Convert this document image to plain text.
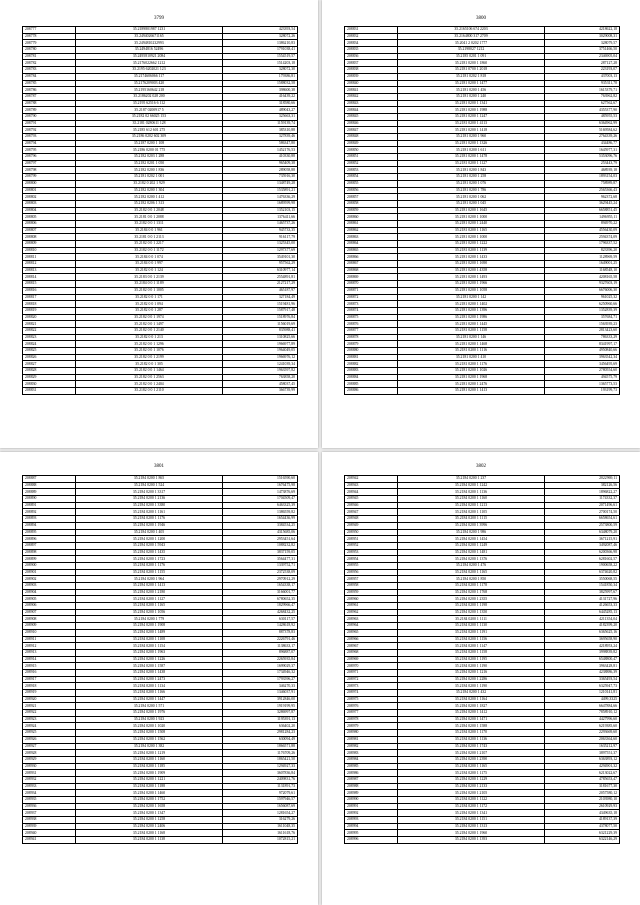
3799
208777	35.2189801987 1231	423393,54
208778	35.2494026671165	328072,26
208779	35.2494810232993	1386210,83
208780	35.2494816 52496	1791038,41
208781	35.2495810921 2084	1554519,57
208782	35.2176022662 1212	1514203,18
208783	35.2195 6202021 123	328072,30
208784	35.2174606066 117	179386,81
208785	35.2176209003 420	1588032,58
208786	35.2195160642 218	398600,38
208787	35.2186202 028 200	416439,22
208788	35.2195 62516 6 112	318580,66
208789	35.2187 0200917 5	489043,27
208790	35.2182 02 66025 153	325663,31
208791	35.2181 0280611 128	1159139,74
208792	35.2185 612 601 275	385310,88
208793	35.2186 0202 602 309	327839,46
208794	35.2187 0200 1 108	586347,80
208795	35.2186 0200 01 775	1452176,53
208796	35.2182 0203 1 288	410330,88
208797	35.2182 0201 1 050	965409,38
208798	35.2182 0200 1 836	289058,88
208799	35.2181 0202 1 001	735916,30
208800	35.2182 0 202 1 929	1348749,28
208801	35.2182 0200 1 304	1535891,21
208802	35.2182 0200 1 412	1476336,29
208803	35.2182 0206 1 313	1689599,98
208804	35.2182 0 0 1 2048	1352103,15
208805	35.2181 0 0 1 2088	1376411,66
208806	35.2182 0 0 1 1311	1465737,26
208807	35.2184 0 0 1 961	945733,35
208808	35.2181 0 0 1 2113	916117,79
208809	35.2182 0 0 1 2217	1325345,00
208810	35.2182 0 0 1 1172	1297377,69
208811	35.2184 0 0 1 074	3549101,30
208812	35.2184 0 0 1 997	957562,29
208813	35.2182 0 0 1 124	6310977,14
208814	35.2183 0 0 1 2139	2554891,81
208815	35.2184 0 0 1 1189	2127217,29
208816	35.2182 0 0 1 1005	465187,97
208817	35.2182 0 0 1 171	327184,49
208818	35.2182 0 0 1 094	1519481,96
208819	35.2182 0 0 1 287	1587917,48
208820	35.2182 0 0 1 1974	1518976,84
208821	35.2182 0 0 1 1497	1156019,69
208822	35.2182 0 0 1 2140	835988,41
208823	35.2182 0 0 1 213	1310825,66
208824	35.2182 0 0 1 1296	1966977,89
208825	35.2182 0 0 1 1076	1964049,05
208826	35.2182 0 0 1 2199	1966976,12
208827	35.2182 0 0 1 305	1241039,34
208828	35.2182 0 0 1 1464	1963597,82
208829	35.2182 0 0 1 2563	763858,20
208830	35.2182 0 0 1 2404	458037,45
208831	35.2182 0 0 1 2110	366739,99
3800
208831	35.2165106 674 2203	4218622,18
208832	35.2164800 317 2709	3029008,31
208834	35.2041 2 0202 1777	328079,57
208835	35.2198027 1212	3751466,50
208836	35.2185 0201 1 091	2346905,04
208837	35.2181 0200 1 1860	287127,28
208838	35.2181 0700 1 2018	223193,07
208839	35.2181 0202 1 818	437003,13
208840	35.2181 0200 1 1477	935311,78
208841	35.2181 0200 1 456	1615379,71
208842	35.2181 0200 1 240	763962,82
208843	35.2181 0200 1 1341	627562,67
208844	35.2181 0200 1 1988	4355377,90
208845	35.2181 0200 1 1247	485955,53
208846	35.2181 0200 1 4113	6364962,99
208847	35.2181 0200 1 1418	5169584,62
208848	35.2181 0200 1 960	2764339,26
208849	35.2181 0200 1 1326	434486,77
208850	35.2181 0200 1 611	1645977,31
208851	35.2181 0200 1 1478	5353096,76
208852	35.2181 0200 1 1127	253443,79
208853	35.2181 0200 1 843	468939,18
208854	35.2181 0200 1 258	1893154,03
208855	35.2181 0200 1 076	758989,87
208856	35.2181 0200 1 786	2565366,43
208857	35.2181 0200 1 062	962372,68
208858	35.2181 0200 1 045	3629445,24
208859	35.2181 0200 1 1645	6658851,45
208860	35.2181 0200 1 1000	1496955,11
208861	35.2181 0200 1 2440	894970,22
208862	35.2181 0200 1 1165	4556430,09
208863	35.2181 0200 1 1000	2594374,09
208864	35.2181 0200 1 1222	1796337,52
208865	35.2181 0200 1 1139	823396,20
208866	35.2181 0200 1 1433	1128969,59
208867	35.2181 0200 1 1690	1649001,25
208868	35.2181 0200 1 4358	1168548,10
208869	35.2181 0200 1 1493	4208165,58
208870	35.2181 0200 1 1966	9327603,19
208871	35.2181 0200 1 1058	6676006,30
208872	35.2181 0200 1 142	961025,32
208873	35.2181 0200 1 1402	6250960,66
208874	35.2181 0200 1 1396	1352839,39
208875	35.2181 0200 1 1986	357684,71
208876	35.2181 0200 1 1445	1563939,23
208877	35.2181 0200 1 1158	2813423,60
208878	35.2181 0200 1 146	786333,29
208879	35.2181 0200 1 1468	8341997,17
208880	35.2181 0200 1 1116	4950840,66
208881	35.2181 0200 1 410	3963542,34
208882	35.2181 0200 1 1176	3456495,69
208883	35.2181 0200 1 1026	2780554,60
208884	35.2181 0200 1 1968	494575,79
208885	35.2181 0200 1 2476	1365773,53
208886	35.2181 0200 1 1413	193199,73
3801
208887	35.2184 0200 1 865	1516590,60
208888	35.2184 0200 1 524	1676475,98
208889	35.2184 0200 1 3317	1473876,69
208890	35.2184 0200 1 2136	1704509,47
208891	35.2184 0200 1 3380	6463325,39
208892	35.2184 0200 1 1161	1386559,82
208893	35.2184 0200 1 1176	1654436,99
208894	35.2184 0200 1 1946	3384534,25
208895	35.2184 0200 1 405	4315685,06
208896	35.2184 0200 1 1200	2953451,64
208897	35.2184 0200 1 5943	1088232,82
208898	35.2184 0200 1 1435	3837159,05
208899	35.2184 0200 1 1723	3564477,31
208900	35.2184 0200 1 1176	1339752,71
208901	35.2184 0200 1 1155	2372538,09
208902	35.2184 0200 1 964	2970912,29
208903	35.2184 0200 1 1413	1654338,17
208904	35.2184 0200 1 2180	3166001,77
208905	35.2184 0200 1 1127	6780652,35
208906	35.2184 0200 1 1165	1829966,47
208907	35.2184 0200 1 1056	4268432,25
208908	35.2184 0200 1 779	630117,57
208909	35.2184 0200 1 1908	1428618,92
208910	35.2184 0200 1 1489	887378,83
208911	35.2184 0200 1 1108	2226791,46
208912	35.2184 0200 1 1154	1138633,17
208913	35.2184 0200 1 1963	896887,07
208914	35.2184 0200 1 1226	2265935,84
208915	35.2184 0200 1 1587	1699029,37
208916	35.2184 0200 1 1438	1734946,32
208917	35.2184 0200 1 2473	1793596,27
208918	35.2184 0200 1 1134	346270,33
208919	35.2184 0200 1 1166	1346037,91
208920	35.2184 0200 1 1447	3912846,00
208921	35.2184 0200 1 571	1919199,95
208922	35.2184 0200 1 1976	3286997,87
208923	35.2184 0200 1 923	1195391,13
208924	35.2184 0200 1 1020	636402,20
208925	35.2184 0200 1 1508	2981284,23
208926	35.2184 0200 1 1562	630094,49
208927	35.2184 0200 1 382	1866571,88
208928	35.2184 0200 1 1219	1176709,26
208929	35.2184 0200 1 1160	1865421,50
208930	35.2184 0200 1 1185	1294927,33
208931	35.2184 0200 1 1909	3607836,84
208932	35.2184 0200 1 1221	2409831,76
208933	35.2184 0200 1 1188	1131891,73
208934	35.2184 0200 1 1460	972079,61
208935	35.2184 0200 1 1752	1597946,57
208936	35.2184 0200 1 1658	1656087,69
208937	35.2184 0200 1 1347	1281654,27
208938	35.2184 0200 1 1258	316279,26
208939	35.2184 0200 1 2406	1611048,35
208940	35.2184 0200 1 1168	1611618,76
208941	35.2184 0200 1 1138	1072815,21
3802
208942	35.2184 0200 1 237	2022969,11
208943	35.2184 0200 1 1242	382126,56
208944	35.2184 0200 1 1136	1896822,27
208945	35.2184 0200 1 1160	1174332,37
208946	35.2184 0200 1 1213	2071496,61
208947	35.2184 0200 1 1105	2700174,50
208948	35.2184 0200 1 1115	6658654,61
208949	35.2184 0200 1 3996	2573800,59
208950	35.2184 0200 1 986	6348079,20
208951	35.2184 0200 1 1454	3671215,91
208952	35.2184 0200 1 1249	3492087,46
208953	35.2184 0200 1 1481	6200366,98
208954	35.2184 0200 1 1376	6281602,57
208955	35.2184 0200 1 476	1900658,22
208956	35.2184 0200 1 1165	6374620,82
208957	35.2184 0200 1 850	3550068,55
208958	35.2184 0200 1 1178	1541850,34
208959	35.2184 0200 1 1768	3825997,67
208960	35.2184 0200 1 2355	4131727,96
208961	35.2184 0200 1 1198	4126653,33
208962	35.2184 0200 1 1350	6445285,13
208963	35.2184 0200 1 1111	4211354,04
208964	35.2184 0200 1 1130	4182399,20
208965	35.2184 0200 1 1191	6365625,16
208966	35.2184 0200 1 1156	3695658,90
208967	35.2184 0200 1 1147	4218953,24
208968	35.2184 0200 1 1158	3998839,82
208969	35.2184 0200 1 1195	6548800,47
208970	35.2184 0200 1 1190	3963428,81
208971	35.2184 0200 1 1216	4238886,39
208972	35.2184 0200 1 2286	3365493,54
208973	35.2184 0200 1 1190	6325947,73
208974	35.2184 0200 1 432	1210141,81
208975	35.2184 0200 1 1164	4499,3325
208976	35.2184 0200 1 1827	6647884,66
208977	35.2184 0200 1 1412	7858910,12
208978	35.2184 0200 1 1471	4427996,60
208979	35.2184 0200 1 1588	6219385,60
208980	35.2184 0200 1 1170	2293669,60
208981	35.2184 0200 1 1136	2063364,60
208982	35.2184 0200 1 1743	1635212,97
208983	35.2184 0200 1 2107	3897551,37
208984	35.2184 0200 1 2390	6363893,12
208985	35.2184 0200 1 1165	4294901,32
208986	35.2184 0200 1 1175	6213022,67
208987	35.2184 0200 1 1229	4785653,47
208988	35.2184 0200 1 2133	3181677,30
208989	35.2184 0200 1 2105	2057580,12
208990	35.2184 0200 1 1122	2103980,10
208991	35.2184 0200 1 1172	2610929,93
208992	35.2184 0200 1 1341	4349635,18
208993	35.2184 0200 1 1151	4189137,39
208994	35.2184 0200 1 1313	4378077,50
208995	35.2184 0200 1 1960	6321229,39
208996	35.2184 0200 1 1393	6322146,29
